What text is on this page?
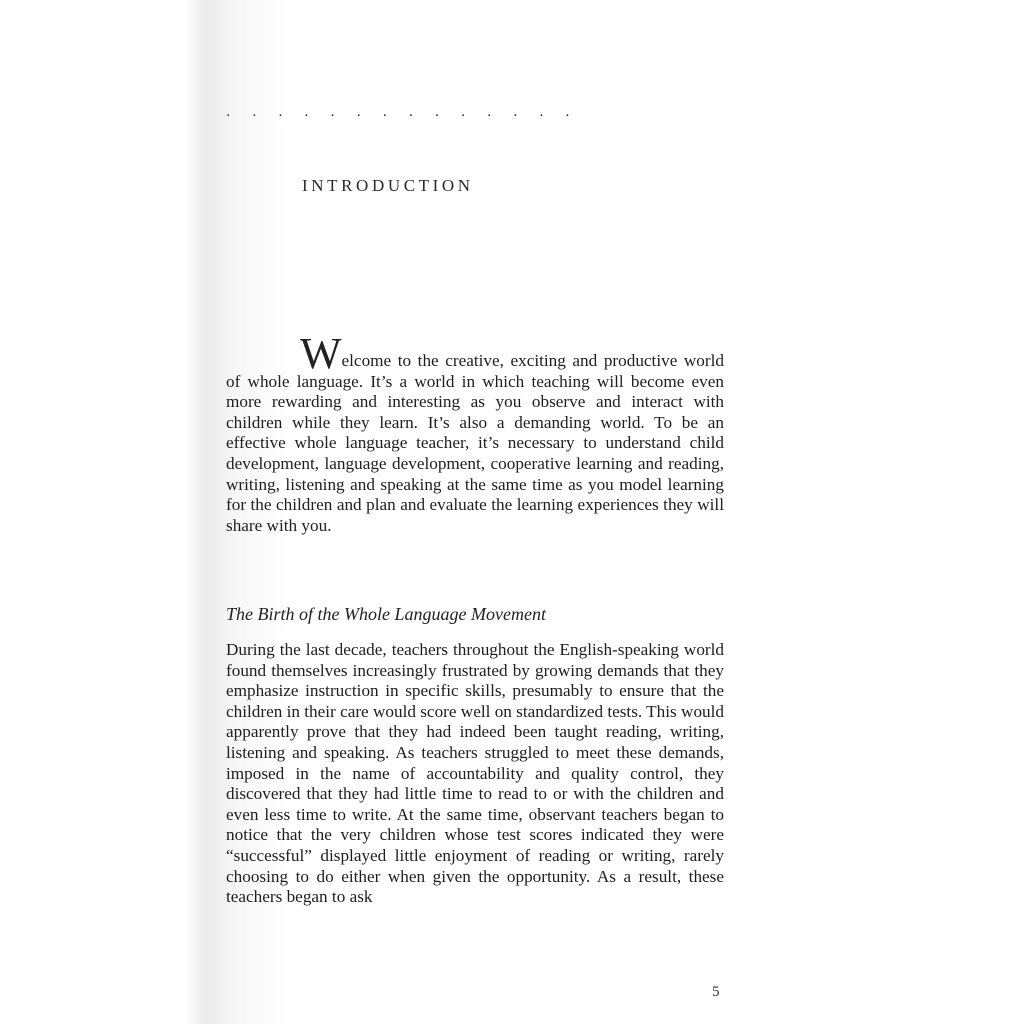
· · · · · · · · · · · · · ·
INTRODUCTION
Welcome to the creative, exciting and productive world of whole language. It’s a world in which teaching will become even more rewarding and interesting as you observe and interact with children while they learn. It’s also a demanding world. To be an effective whole language teacher, it’s necessary to understand child development, language development, cooperative learning and reading, writing, listening and speaking at the same time as you model learning for the children and plan and evaluate the learning experiences they will share with you.
The Birth of the Whole Language Movement
During the last decade, teachers throughout the English-speaking world found themselves increasingly frustrated by growing demands that they emphasize instruction in specific skills, presumably to ensure that the children in their care would score well on standardized tests. This would apparently prove that they had indeed been taught reading, writing, listening and speaking. As teachers struggled to meet these demands, imposed in the name of accountability and quality control, they discovered that they had little time to read to or with the children and even less time to write. At the same time, observant teachers began to notice that the very children whose test scores indicated they were “successful” displayed little enjoyment of reading or writing, rarely choosing to do either when given the opportunity. As a result, these teachers began to ask
5
